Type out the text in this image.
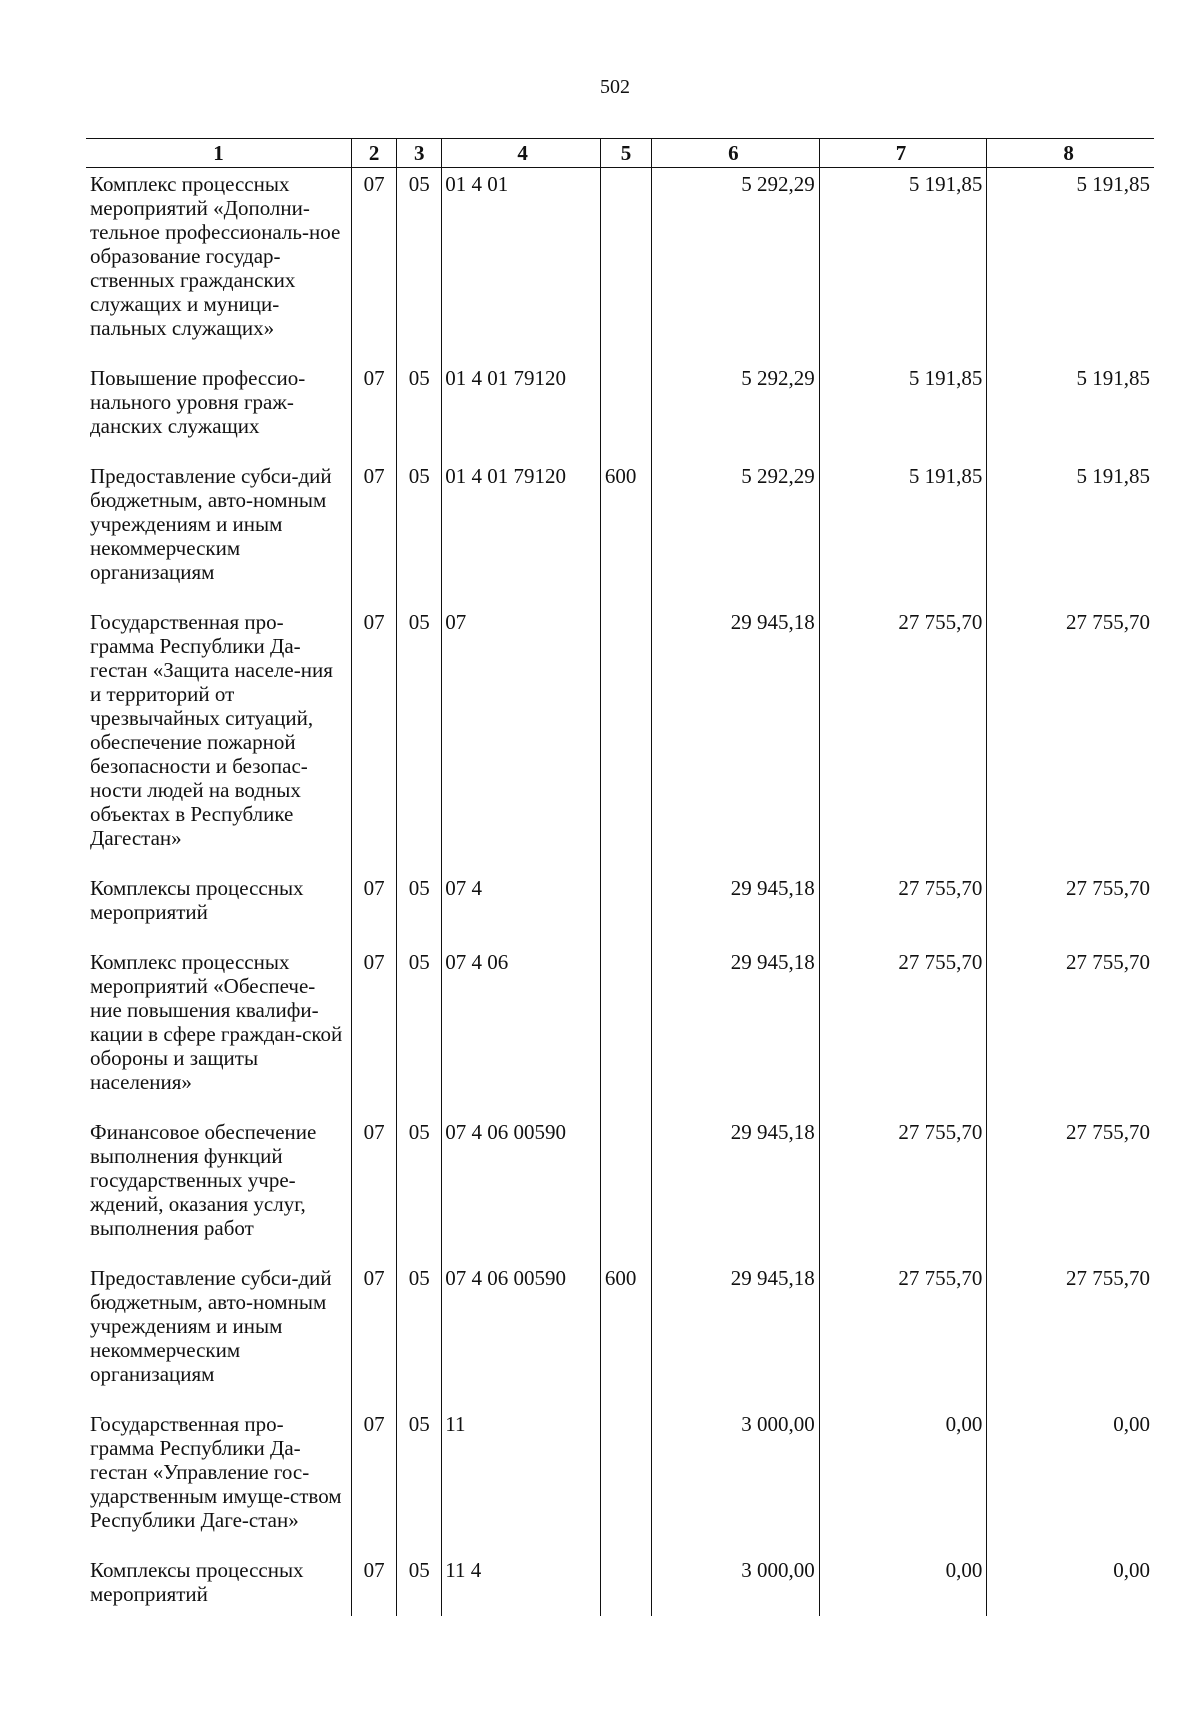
502
1	2	3	4	5	6	7	8
Комплекс процессных мероприятий «Дополни-тельное профессиональ-ное образование государ-ственных гражданских служащих и муници-пальных служащих»	07	05	01 4 01		5 292,29	5 191,85	5 191,85
Повышение профессио-нального уровня граж-данских служащих	07	05	01 4 01 79120		5 292,29	5 191,85	5 191,85
Предоставление субси-дий бюджетным, авто-номным учреждениям и иным некоммерческим организациям	07	05	01 4 01 79120	600	5 292,29	5 191,85	5 191,85
Государственная про-грамма Республики Да-гестан «Защита населе-ния и территорий от чрезвычайных ситуаций, обеспечение пожарной безопасности и безопас-ности людей на водных объектах в Республике Дагестан»	07	05	07		29 945,18	27 755,70	27 755,70
Комплексы процессных мероприятий	07	05	07 4		29 945,18	27 755,70	27 755,70
Комплекс процессных мероприятий «Обеспече-ние повышения квалифи-кации в сфере граждан-ской обороны и защиты населения»	07	05	07 4 06		29 945,18	27 755,70	27 755,70
Финансовое обеспечение выполнения функций государственных учре-ждений, оказания услуг, выполнения работ	07	05	07 4 06 00590		29 945,18	27 755,70	27 755,70
Предоставление субси-дий бюджетным, авто-номным учреждениям и иным некоммерческим организациям	07	05	07 4 06 00590	600	29 945,18	27 755,70	27 755,70
Государственная про-грамма Республики Да-гестан «Управление гос-ударственным имуще-ством Республики Даге-стан»	07	05	11		3 000,00	0,00	0,00
Комплексы процессных мероприятий	07	05	11 4		3 000,00	0,00	0,00
